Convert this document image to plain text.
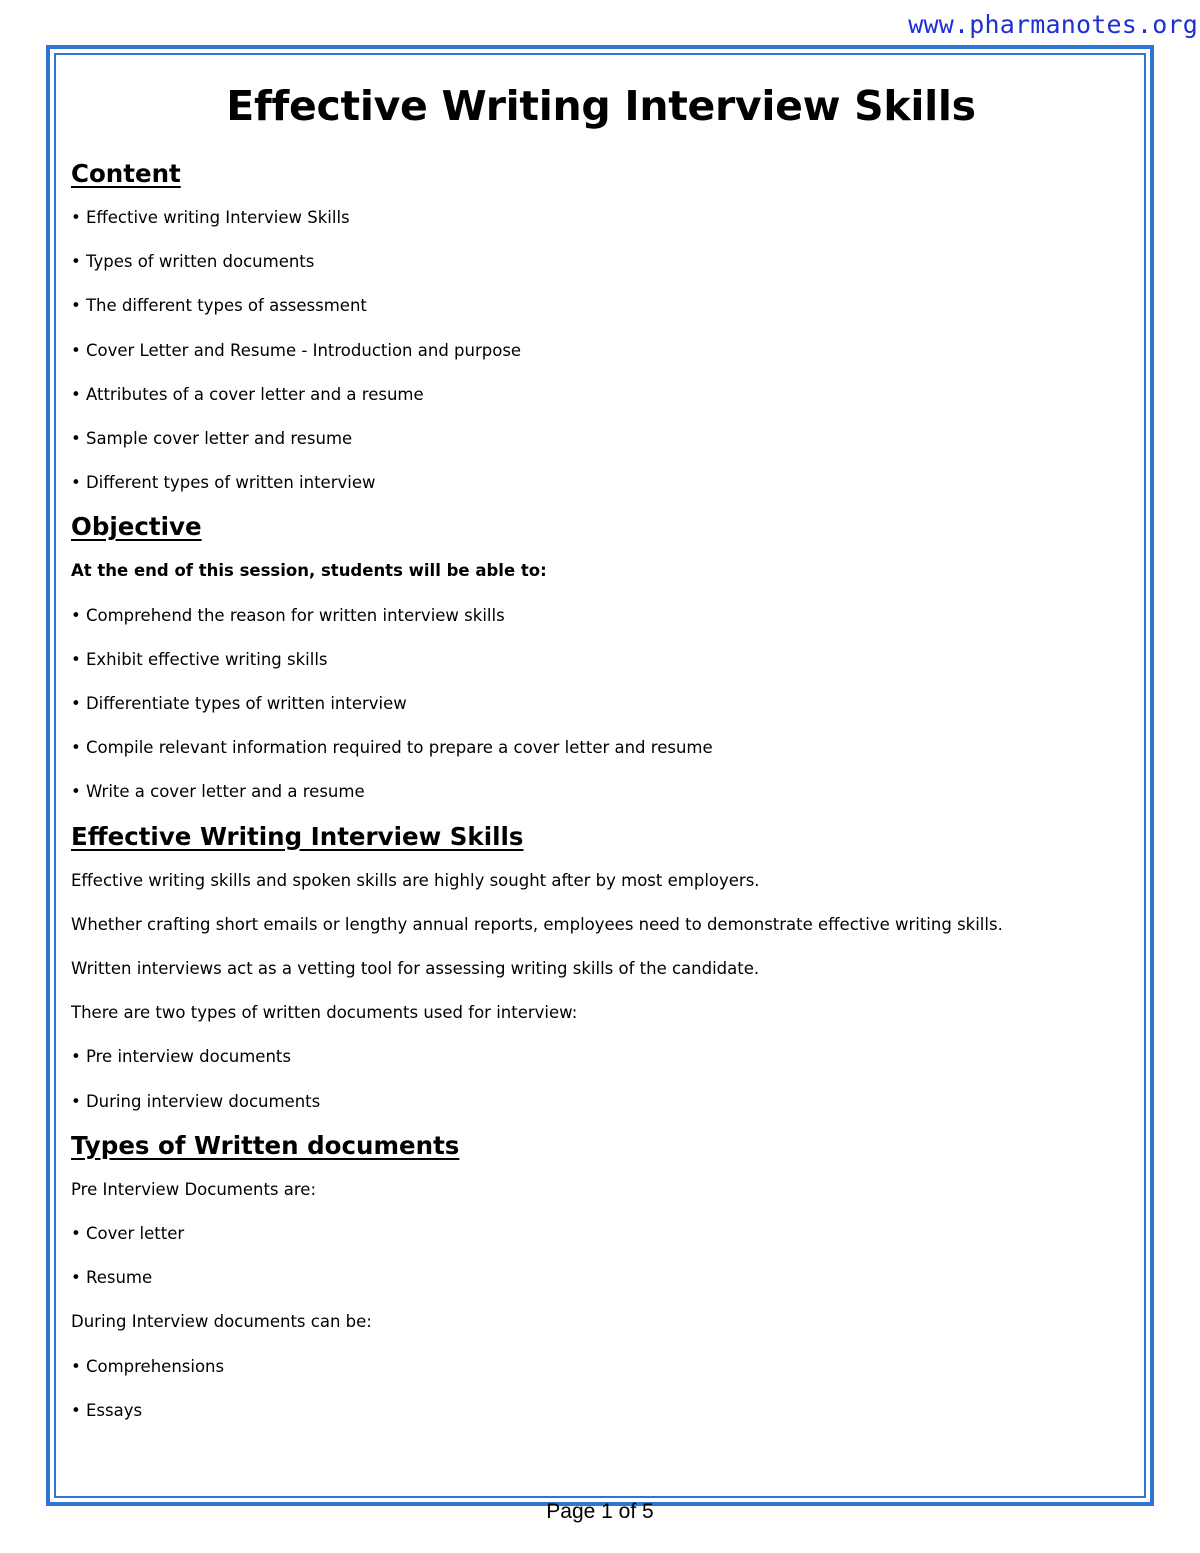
www.pharmanotes.org
Effective Writing Interview Skills
Content

• Effective writing Interview Skills

• Types of written documents

• The different types of assessment

• Cover Letter and Resume - Introduction and purpose

• Attributes of a cover letter and a resume

• Sample cover letter and resume

• Different types of written interview

Objective

At the end of this session, students will be able to:

• Comprehend the reason for written interview skills

• Exhibit effective writing skills

• Differentiate types of written interview

• Compile relevant information required to prepare a cover letter and resume

• Write a cover letter and a resume

Effective Writing Interview Skills

Effective writing skills and spoken skills are highly sought after by most employers.

Whether crafting short emails or lengthy annual reports, employees need to demonstrate effective writing skills.

Written interviews act as a vetting tool for assessing writing skills of the candidate.

There are two types of written documents used for interview:

• Pre interview documents

• During interview documents

Types of Written documents

Pre Interview Documents are:

• Cover letter

• Resume

During Interview documents can be:

• Comprehensions

• Essays

Page 1 of 5
